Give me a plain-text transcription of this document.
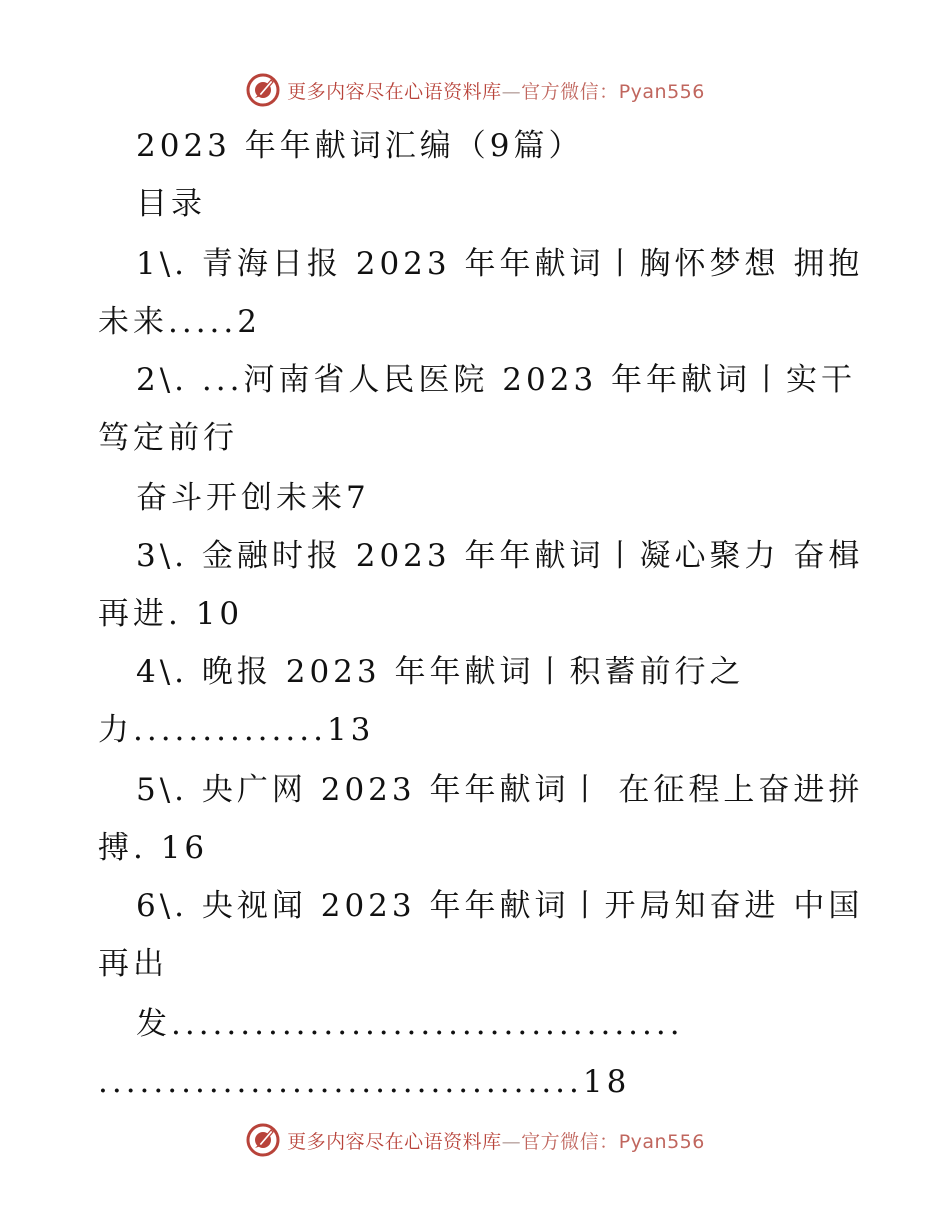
更多内容尽在心语资料库—官方微信：Pyan556
2023 年年献词汇编（9篇）
目录
1\. 青海日报 2023 年年献词丨胸怀梦想 拥抱
未来.....2
2\. ...河南省人民医院 2023 年年献词丨实干
笃定前行
奋斗开创未来7
3\. 金融时报 2023 年年献词丨凝心聚力 奋楫
再进. 10
4\. 晚报 2023 年年献词丨积蓄前行之
力..............13
5\. 央广网 2023 年年献词丨 在征程上奋进拼
搏. 16
6\. 央视闻 2023 年年献词丨开局知奋进 中国
再出
发.....................................
...................................18
更多内容尽在心语资料库—官方微信：Pyan556
